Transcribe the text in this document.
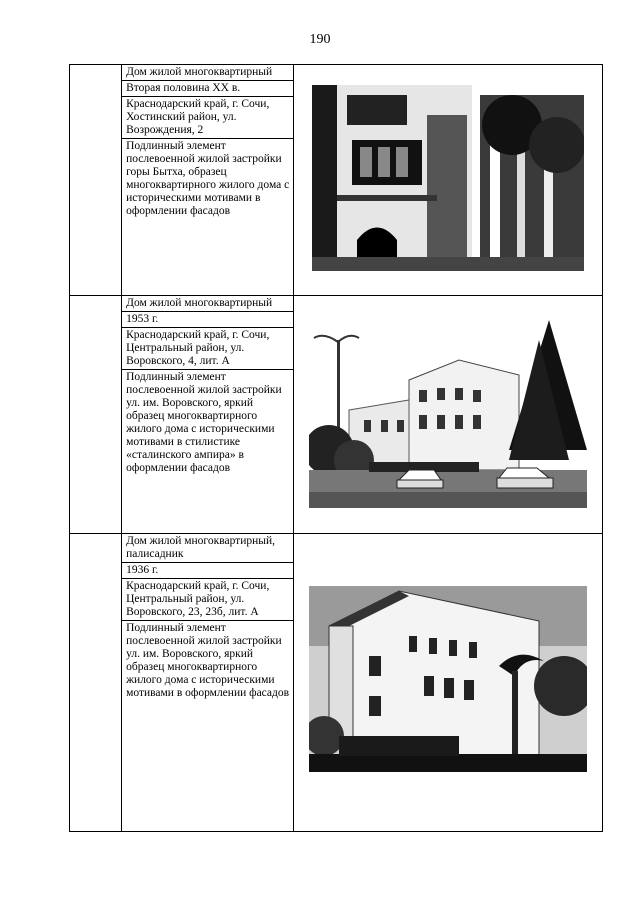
190

	Дом жилой многоквартирный
Вторая половина XX в.
Краснодарский край, г. Сочи, Хостинский район, ул. Возрождения, 2
Подлинный элемент послевоенной жилой застройки горы Бытха, образец многоквартирного жилого дома с историческими мотивами в оформлении фасадов

	Дом жилой многоквартирный
1953 г.
Краснодарский край, г. Сочи, Центральный район, ул. Воровского, 4, лит. А
Подлинный элемент послевоенной жилой застройки ул. им. Воровского, яркий образец многоквартирного жилого дома с историческими мотивами в стилистике «сталинского ампира» в оформлении фасадов

	Дом жилой многоквартирный, палисадник
1936 г.
Краснодарский край, г. Сочи, Центральный район, ул. Воровского, 23, 23б, лит. А
Подлинный элемент послевоенной жилой застройки ул. им. Воровского, яркий образец многоквартирного жилого дома с историческими мотивами в оформлении фасадов
